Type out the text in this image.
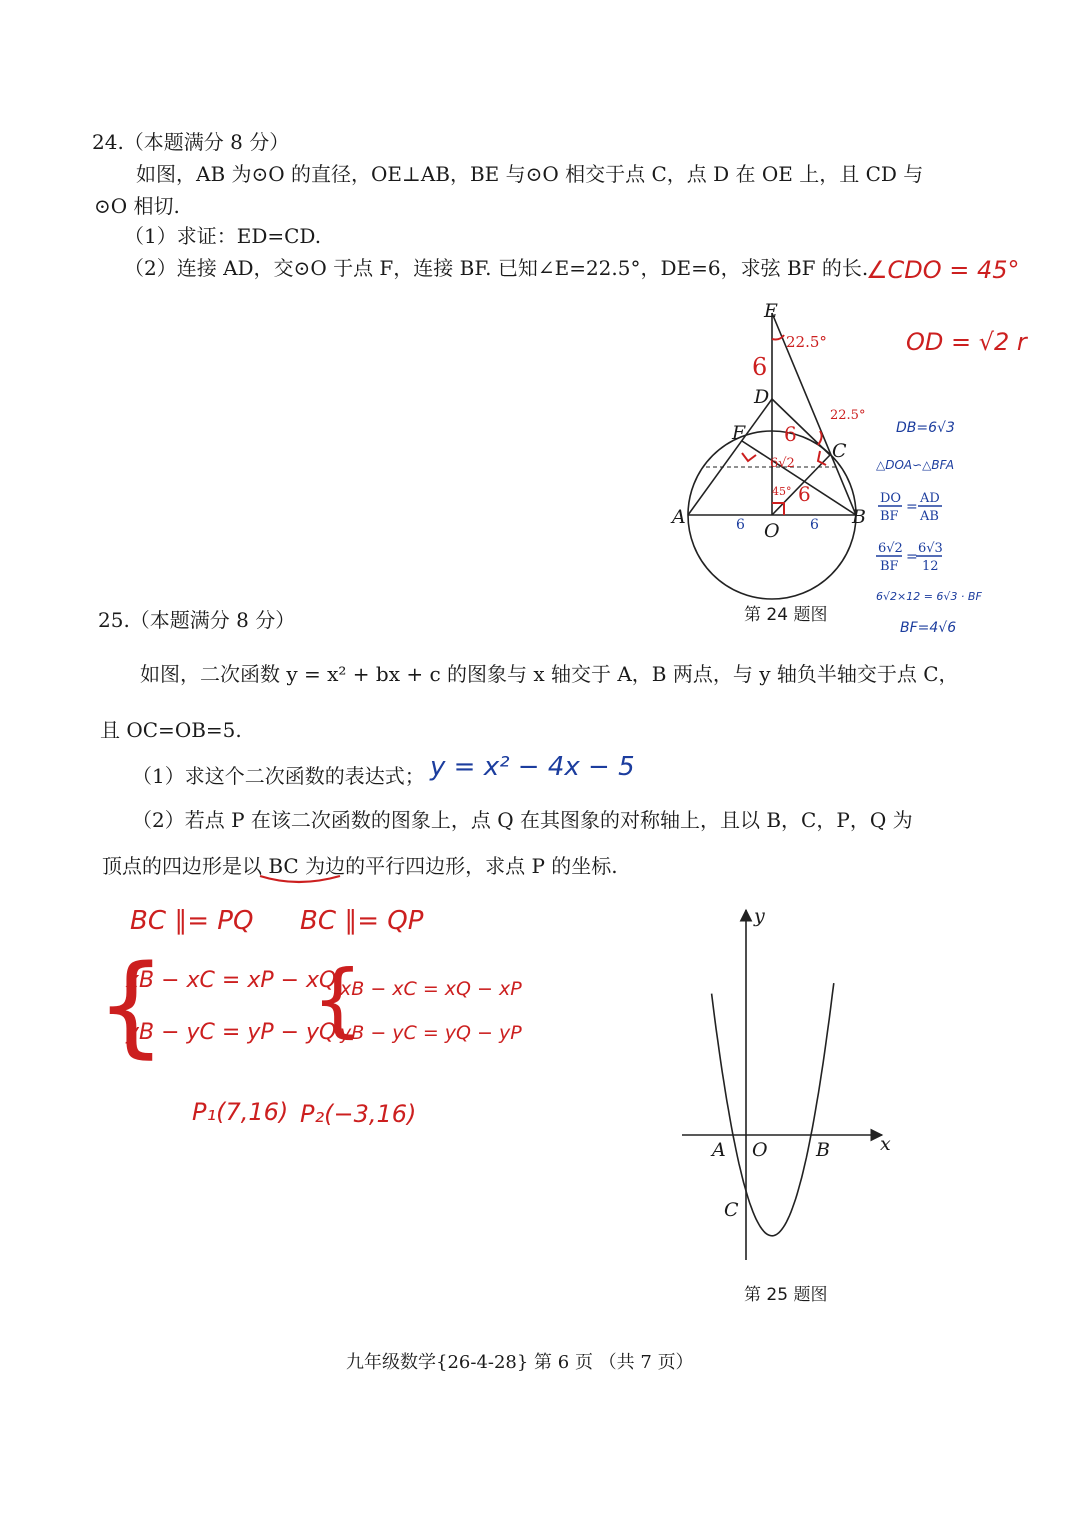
24.（本题满分 8 分）
如图，AB 为⊙O 的直径，OE⊥AB，BE 与⊙O 相交于点 C，点 D 在 OE 上，且 CD 与
⊙O 相切.
（1）求证：ED=CD.
（2）连接 AD，交⊙O 于点 F，连接 BF. 已知∠E=22.5°，DE=6，求弦 BF 的长.
∠CDO = 45°
OD = √2 r
E
D
F
C
A
O
B
6
22.5°
22.5°
6
6√2
6
45°
6	6
第 24 题图
DB=6√3
△DOA∽△BFA
DO
BF
=
AD
AB
6√2
BF
=
6√3
12
6√2×12 = 6√3 · BF
BF=4√6
25.（本题满分 8 分）
如图，二次函数 y = x² + bx + c 的图象与 x 轴交于 A，B 两点，与 y 轴负半轴交于点 C，
且 OC=OB=5.
（1）求这个二次函数的表达式； y = x² − 4x − 5
（2）若点 P 在该二次函数的图象上，点 Q 在其图象的对称轴上，且以 B，C，P，Q 为
顶点的四边形是以 BC 为边的平行四边形，求点 P 的坐标.
BC ∥= PQ
{
xB − xC = xP − xQ
yB − yC = yP − yQ
BC ∥= QP
{
xB − xC = xQ − xP
yB − yC = yQ − yP
P₁(7,16) P₂(−3,16)
y
x
A O	B
C
第 25 题图
九年级数学{26-4-28} 第 6 页 （共 7 页）
